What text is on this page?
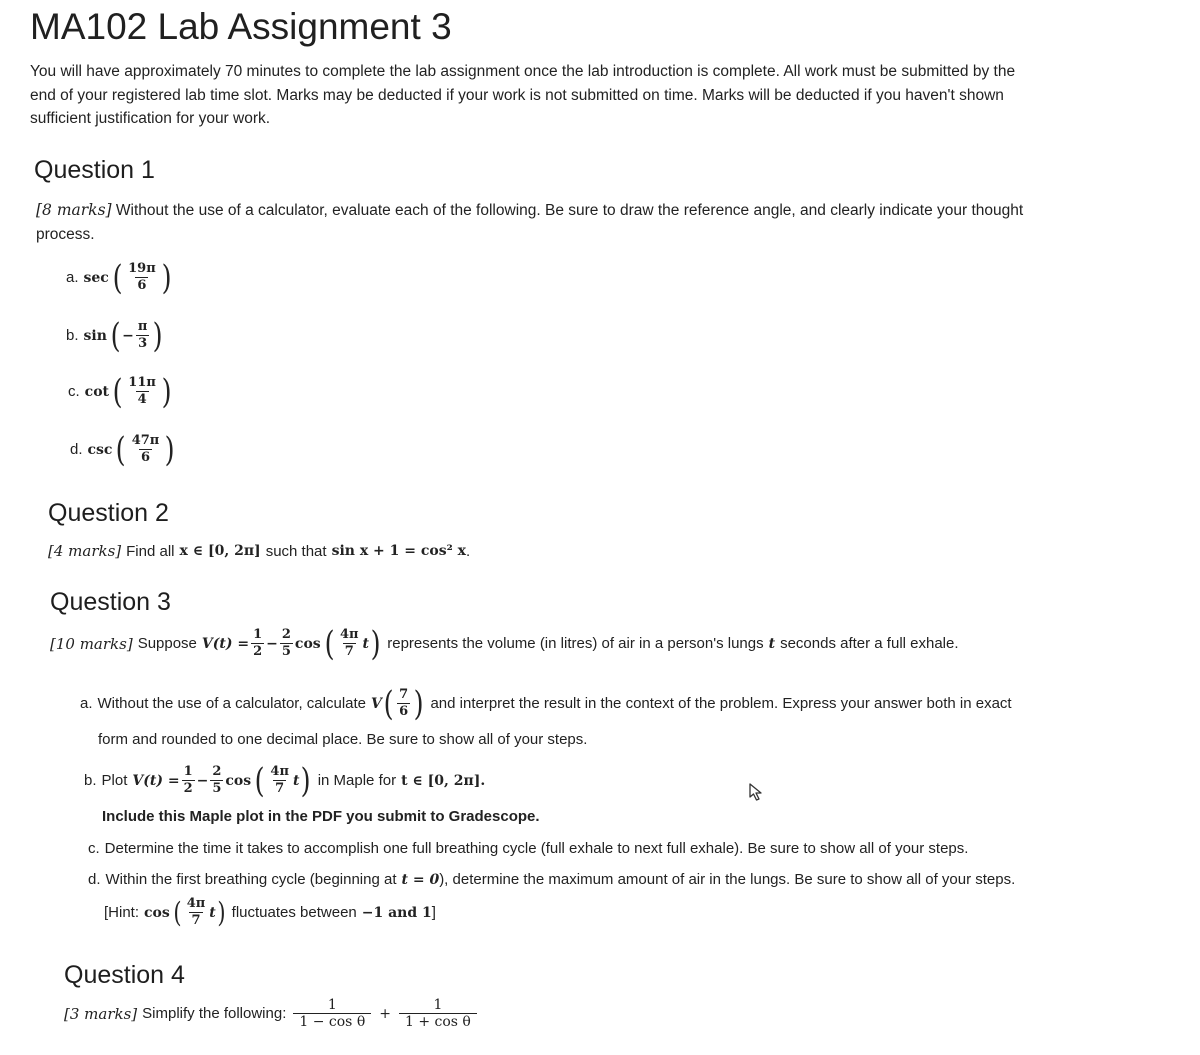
MA102 Lab Assignment 3
You will have approximately 70 minutes to complete the lab assignment once the lab introduction is complete. All work must be submitted by the
end of your registered lab time slot. Marks may be deducted if your work is not submitted on time. Marks will be deducted if you haven't shown
sufficient justification for your work.
Question 1
[8 marks] Without the use of a calculator, evaluate each of the following. Be sure to draw the reference angle, and clearly indicate your thought
process.
a. sec ( $\frac{19\pi}{6}$ )
b. sin ( − $\frac{\pi}{3}$ )
c. cot ( $\frac{11\pi}{4}$ )
d. csc ( $\frac{47\pi}{6}$ )
Question 2
[4 marks] Find all x ∈ [0, 2π] such that sin x + 1 = cos² x .
Question 3
[10 marks] Suppose $V(t) = \frac{1}{2} - \frac{2}{5}$ cos ( $\frac{4\pi}{7}$ t ) represents the volume (in litres) of air in a person's lungs t seconds after a full exhale.
a. Without the use of a calculator, calculate V ( $\frac{7}{6}$ ) and interpret the result in the context of the problem. Express your answer both in exact
form and rounded to one decimal place. Be sure to show all of your steps.
b. Plot $V(t) = \frac{1}{2} - \frac{2}{5}$ cos ( $\frac{4\pi}{7}$ t ) in Maple for t ∈ [0, 2π].
Include this Maple plot in the PDF you submit to Gradescope.
c. Determine the time it takes to accomplish one full breathing cycle (full exhale to next full exhale). Be sure to show all of your steps.
d. Within the first breathing cycle (beginning at t = 0 ), determine the maximum amount of air in the lungs. Be sure to show all of your steps.
[Hint: cos ( $\frac{4\pi}{7}$ t ) fluctuates between −1 and 1 ]
Question 4
[3 marks] Simplify the following: $\frac{1}{\text{1 − cos θ}} + \frac{1}{\text{1 + cos θ}}$
